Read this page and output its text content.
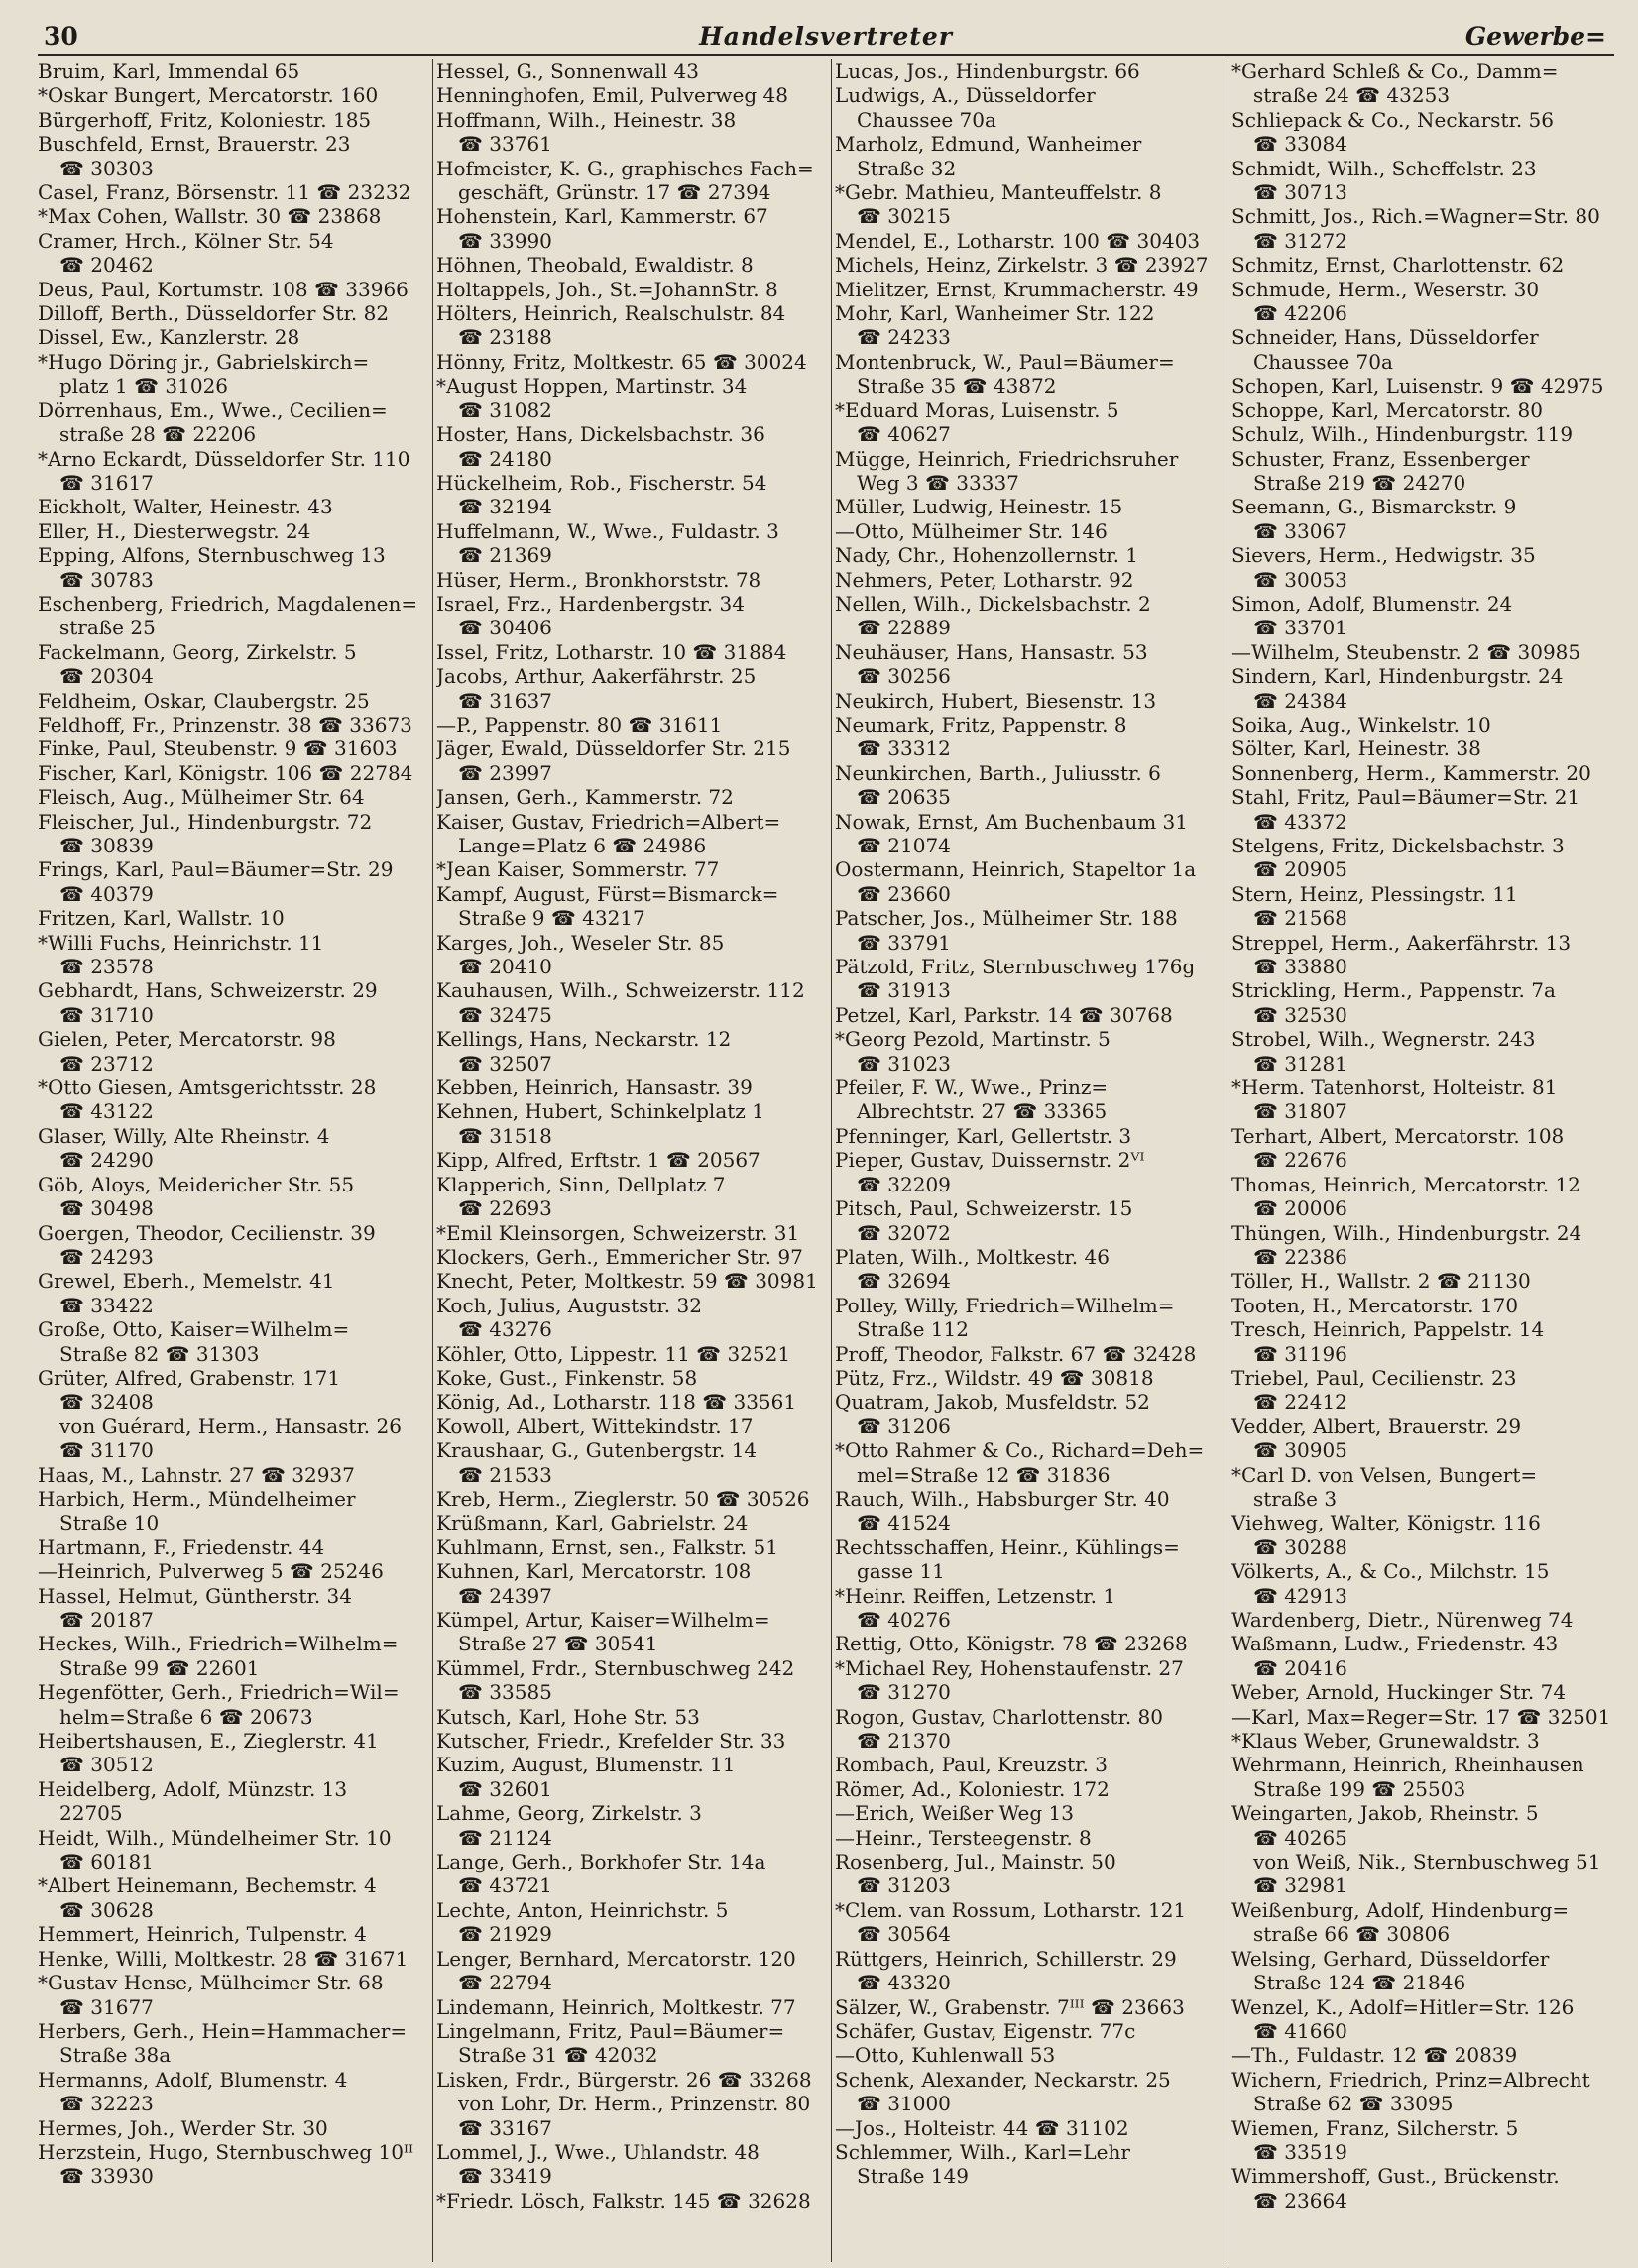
30	Handelsvertreter	Gewerbe=
Bruim, Karl, Immendal 65
*Oskar Bungert, Mercatorstr. 160
Bürgerhoff, Fritz, Koloniestr. 185
Buschfeld, Ernst, Brauerstr. 23
☎ 30303
Casel, Franz, Börsenstr. 11 ☎ 23232
*Max Cohen, Wallstr. 30 ☎ 23868
Cramer, Hrch., Kölner Str. 54
☎ 20462
Deus, Paul, Kortumstr. 108 ☎ 33966
Dilloff, Berth., Düsseldorfer Str. 82
Dissel, Ew., Kanzlerstr. 28
*Hugo Döring jr., Gabrielskirch=
platz 1 ☎ 31026
Dörrenhaus, Em., Wwe., Cecilien=
straße 28 ☎ 22206
*Arno Eckardt, Düsseldorfer Str. 110
☎ 31617
Eickholt, Walter, Heinestr. 43
Eller, H., Diesterwegstr. 24
Epping, Alfons, Sternbuschweg 13
☎ 30783
Eschenberg, Friedrich, Magdalenen=
straße 25
Fackelmann, Georg, Zirkelstr. 5
☎ 20304
Feldheim, Oskar, Claubergstr. 25
Feldhoff, Fr., Prinzenstr. 38 ☎ 33673
Finke, Paul, Steubenstr. 9 ☎ 31603
Fischer, Karl, Königstr. 106 ☎ 22784
Fleisch, Aug., Mülheimer Str. 64
Fleischer, Jul., Hindenburgstr. 72
☎ 30839
Frings, Karl, Paul=Bäumer=Str. 29
☎ 40379
Fritzen, Karl, Wallstr. 10
*Willi Fuchs, Heinrichstr. 11
☎ 23578
Gebhardt, Hans, Schweizerstr. 29
☎ 31710
Gielen, Peter, Mercatorstr. 98
☎ 23712
*Otto Giesen, Amtsgerichtsstr. 28
☎ 43122
Glaser, Willy, Alte Rheinstr. 4
☎ 24290
Göb, Aloys, Meidericher Str. 55
☎ 30498
Goergen, Theodor, Cecilienstr. 39
☎ 24293
Grewel, Eberh., Memelstr. 41
☎ 33422
Große, Otto, Kaiser=Wilhelm=
Straße 82 ☎ 31303
Grüter, Alfred, Grabenstr. 171
☎ 32408
von Guérard, Herm., Hansastr. 26
☎ 31170
Haas, M., Lahnstr. 27 ☎ 32937
Harbich, Herm., Mündelheimer
Straße 10
Hartmann, F., Friedenstr. 44
—Heinrich, Pulverweg 5 ☎ 25246
Hassel, Helmut, Güntherstr. 34
☎ 20187
Heckes, Wilh., Friedrich=Wilhelm=
Straße 99 ☎ 22601
Hegenfötter, Gerh., Friedrich=Wil=
helm=Straße 6 ☎ 20673
Heibertshausen, E., Zieglerstr. 41
☎ 30512
Heidelberg, Adolf, Münzstr. 13
22705
Heidt, Wilh., Mündelheimer Str. 10
☎ 60181
*Albert Heinemann, Bechemstr. 4
☎ 30628
Hemmert, Heinrich, Tulpenstr. 4
Henke, Willi, Moltkestr. 28 ☎ 31671
*Gustav Hense, Mülheimer Str. 68
☎ 31677
Herbers, Gerh., Hein=Hammacher=
Straße 38a
Hermanns, Adolf, Blumenstr. 4
☎ 32223
Hermes, Joh., Werder Str. 30
Herzstein, Hugo, Sternbuschweg 10ᴵᴵ
☎ 33930
Hessel, G., Sonnenwall 43
Henninghofen, Emil, Pulverweg 48
Hoffmann, Wilh., Heinestr. 38
☎ 33761
Hofmeister, K. G., graphisches Fach=
geschäft, Grünstr. 17 ☎ 27394
Hohenstein, Karl, Kammerstr. 67
☎ 33990
Höhnen, Theobald, Ewaldistr. 8
Holtappels, Joh., St.=JohannStr. 8
Hölters, Heinrich, Realschulstr. 84
☎ 23188
Hönny, Fritz, Moltkestr. 65 ☎ 30024
*August Hoppen, Martinstr. 34
☎ 31082
Hoster, Hans, Dickelsbachstr. 36
☎ 24180
Hückelheim, Rob., Fischerstr. 54
☎ 32194
Huffelmann, W., Wwe., Fuldastr. 3
☎ 21369
Hüser, Herm., Bronkhorststr. 78
Israel, Frz., Hardenbergstr. 34
☎ 30406
Issel, Fritz, Lotharstr. 10 ☎ 31884
Jacobs, Arthur, Aakerfährstr. 25
☎ 31637
—P., Pappenstr. 80 ☎ 31611
Jäger, Ewald, Düsseldorfer Str. 215
☎ 23997
Jansen, Gerh., Kammerstr. 72
Kaiser, Gustav, Friedrich=Albert=
Lange=Platz 6 ☎ 24986
*Jean Kaiser, Sommerstr. 77
Kampf, August, Fürst=Bismarck=
Straße 9 ☎ 43217
Karges, Joh., Weseler Str. 85
☎ 20410
Kauhausen, Wilh., Schweizerstr. 112
☎ 32475
Kellings, Hans, Neckarstr. 12
☎ 32507
Kebben, Heinrich, Hansastr. 39
Kehnen, Hubert, Schinkelplatz 1
☎ 31518
Kipp, Alfred, Erftstr. 1 ☎ 20567
Klapperich, Sinn, Dellplatz 7
☎ 22693
*Emil Kleinsorgen, Schweizerstr. 31
Klockers, Gerh., Emmericher Str. 97
Knecht, Peter, Moltkestr. 59 ☎ 30981
Koch, Julius, Auguststr. 32
☎ 43276
Köhler, Otto, Lippestr. 11 ☎ 32521
Koke, Gust., Finkenstr. 58
König, Ad., Lotharstr. 118 ☎ 33561
Kowoll, Albert, Wittekindstr. 17
Kraushaar, G., Gutenbergstr. 14
☎ 21533
Kreb, Herm., Zieglerstr. 50 ☎ 30526
Krüßmann, Karl, Gabrielstr. 24
Kuhlmann, Ernst, sen., Falkstr. 51
Kuhnen, Karl, Mercatorstr. 108
☎ 24397
Kümpel, Artur, Kaiser=Wilhelm=
Straße 27 ☎ 30541
Kümmel, Frdr., Sternbuschweg 242
☎ 33585
Kutsch, Karl, Hohe Str. 53
Kutscher, Friedr., Krefelder Str. 33
Kuzim, August, Blumenstr. 11
☎ 32601
Lahme, Georg, Zirkelstr. 3
☎ 21124
Lange, Gerh., Borkhofer Str. 14a
☎ 43721
Lechte, Anton, Heinrichstr. 5
☎ 21929
Lenger, Bernhard, Mercatorstr. 120
☎ 22794
Lindemann, Heinrich, Moltkestr. 77
Lingelmann, Fritz, Paul=Bäumer=
Straße 31 ☎ 42032
Lisken, Frdr., Bürgerstr. 26 ☎ 33268
von Lohr, Dr. Herm., Prinzenstr. 80
☎ 33167
Lommel, J., Wwe., Uhlandstr. 48
☎ 33419
*Friedr. Lösch, Falkstr. 145 ☎ 32628
Lucas, Jos., Hindenburgstr. 66
Ludwigs, A., Düsseldorfer
Chaussee 70a
Marholz, Edmund, Wanheimer
Straße 32
*Gebr. Mathieu, Manteuffelstr. 8
☎ 30215
Mendel, E., Lotharstr. 100 ☎ 30403
Michels, Heinz, Zirkelstr. 3 ☎ 23927
Mielitzer, Ernst, Krummacherstr. 49
Mohr, Karl, Wanheimer Str. 122
☎ 24233
Montenbruck, W., Paul=Bäumer=
Straße 35 ☎ 43872
*Eduard Moras, Luisenstr. 5
☎ 40627
Mügge, Heinrich, Friedrichsruher
Weg 3 ☎ 33337
Müller, Ludwig, Heinestr. 15
—Otto, Mülheimer Str. 146
Nady, Chr., Hohenzollernstr. 1
Nehmers, Peter, Lotharstr. 92
Nellen, Wilh., Dickelsbachstr. 2
☎ 22889
Neuhäuser, Hans, Hansastr. 53
☎ 30256
Neukirch, Hubert, Biesenstr. 13
Neumark, Fritz, Pappenstr. 8
☎ 33312
Neunkirchen, Barth., Juliusstr. 6
☎ 20635
Nowak, Ernst, Am Buchenbaum 31
☎ 21074
Oostermann, Heinrich, Stapeltor 1a
☎ 23660
Patscher, Jos., Mülheimer Str. 188
☎ 33791
Pätzold, Fritz, Sternbuschweg 176g
☎ 31913
Petzel, Karl, Parkstr. 14 ☎ 30768
*Georg Pezold, Martinstr. 5
☎ 31023
Pfeiler, F. W., Wwe., Prinz=
Albrechtstr. 27 ☎ 33365
Pfenninger, Karl, Gellertstr. 3
Pieper, Gustav, Duissernstr. 2ⱽᴵ
☎ 32209
Pitsch, Paul, Schweizerstr. 15
☎ 32072
Platen, Wilh., Moltkestr. 46
☎ 32694
Polley, Willy, Friedrich=Wilhelm=
Straße 112
Proff, Theodor, Falkstr. 67 ☎ 32428
Pütz, Frz., Wildstr. 49 ☎ 30818
Quatram, Jakob, Musfeldstr. 52
☎ 31206
*Otto Rahmer & Co., Richard=Deh=
mel=Straße 12 ☎ 31836
Rauch, Wilh., Habsburger Str. 40
☎ 41524
Rechtsschaffen, Heinr., Kühlings=
gasse 11
*Heinr. Reiffen, Letzenstr. 1
☎ 40276
Rettig, Otto, Königstr. 78 ☎ 23268
*Michael Rey, Hohenstaufenstr. 27
☎ 31270
Rogon, Gustav, Charlottenstr. 80
☎ 21370
Rombach, Paul, Kreuzstr. 3
Römer, Ad., Koloniestr. 172
—Erich, Weißer Weg 13
—Heinr., Tersteegenstr. 8
Rosenberg, Jul., Mainstr. 50
☎ 31203
*Clem. van Rossum, Lotharstr. 121
☎ 30564
Rüttgers, Heinrich, Schillerstr. 29
☎ 43320
Sälzer, W., Grabenstr. 7ᴵᴵᴵ ☎ 23663
Schäfer, Gustav, Eigenstr. 77c
—Otto, Kuhlenwall 53
Schenk, Alexander, Neckarstr. 25
☎ 31000
—Jos., Holteistr. 44 ☎ 31102
Schlemmer, Wilh., Karl=Lehr
Straße 149
*Gerhard Schleß & Co., Damm=
straße 24 ☎ 43253
Schliepack & Co., Neckarstr. 56
☎ 33084
Schmidt, Wilh., Scheffelstr. 23
☎ 30713
Schmitt, Jos., Rich.=Wagner=Str. 80
☎ 31272
Schmitz, Ernst, Charlottenstr. 62
Schmude, Herm., Weserstr. 30
☎ 42206
Schneider, Hans, Düsseldorfer
Chaussee 70a
Schopen, Karl, Luisenstr. 9 ☎ 42975
Schoppe, Karl, Mercatorstr. 80
Schulz, Wilh., Hindenburgstr. 119
Schuster, Franz, Essenberger
Straße 219 ☎ 24270
Seemann, G., Bismarckstr. 9
☎ 33067
Sievers, Herm., Hedwigstr. 35
☎ 30053
Simon, Adolf, Blumenstr. 24
☎ 33701
—Wilhelm, Steubenstr. 2 ☎ 30985
Sindern, Karl, Hindenburgstr. 24
☎ 24384
Soika, Aug., Winkelstr. 10
Sölter, Karl, Heinestr. 38
Sonnenberg, Herm., Kammerstr. 20
Stahl, Fritz, Paul=Bäumer=Str. 21
☎ 43372
Stelgens, Fritz, Dickelsbachstr. 3
☎ 20905
Stern, Heinz, Plessingstr. 11
☎ 21568
Streppel, Herm., Aakerfährstr. 13
☎ 33880
Strickling, Herm., Pappenstr. 7a
☎ 32530
Strobel, Wilh., Wegnerstr. 243
☎ 31281
*Herm. Tatenhorst, Holteistr. 81
☎ 31807
Terhart, Albert, Mercatorstr. 108
☎ 22676
Thomas, Heinrich, Mercatorstr. 12
☎ 20006
Thüngen, Wilh., Hindenburgstr. 24
☎ 22386
Töller, H., Wallstr. 2 ☎ 21130
Tooten, H., Mercatorstr. 170
Tresch, Heinrich, Pappelstr. 14
☎ 31196
Triebel, Paul, Cecilienstr. 23
☎ 22412
Vedder, Albert, Brauerstr. 29
☎ 30905
*Carl D. von Velsen, Bungert=
straße 3
Viehweg, Walter, Königstr. 116
☎ 30288
Völkerts, A., & Co., Milchstr. 15
☎ 42913
Wardenberg, Dietr., Nürenweg 74
Waßmann, Ludw., Friedenstr. 43
☎ 20416
Weber, Arnold, Huckinger Str. 74
—Karl, Max=Reger=Str. 17 ☎ 32501
*Klaus Weber, Grunewaldstr. 3
Wehrmann, Heinrich, Rheinhausen
Straße 199 ☎ 25503
Weingarten, Jakob, Rheinstr. 5
☎ 40265
von Weiß, Nik., Sternbuschweg 51
☎ 32981
Weißenburg, Adolf, Hindenburg=
straße 66 ☎ 30806
Welsing, Gerhard, Düsseldorfer
Straße 124 ☎ 21846
Wenzel, K., Adolf=Hitler=Str. 126
☎ 41660
—Th., Fuldastr. 12 ☎ 20839
Wichern, Friedrich, Prinz=Albrecht
Straße 62 ☎ 33095
Wiemen, Franz, Silcherstr. 5
☎ 33519
Wimmershoff, Gust., Brückenstr.
☎ 23664
